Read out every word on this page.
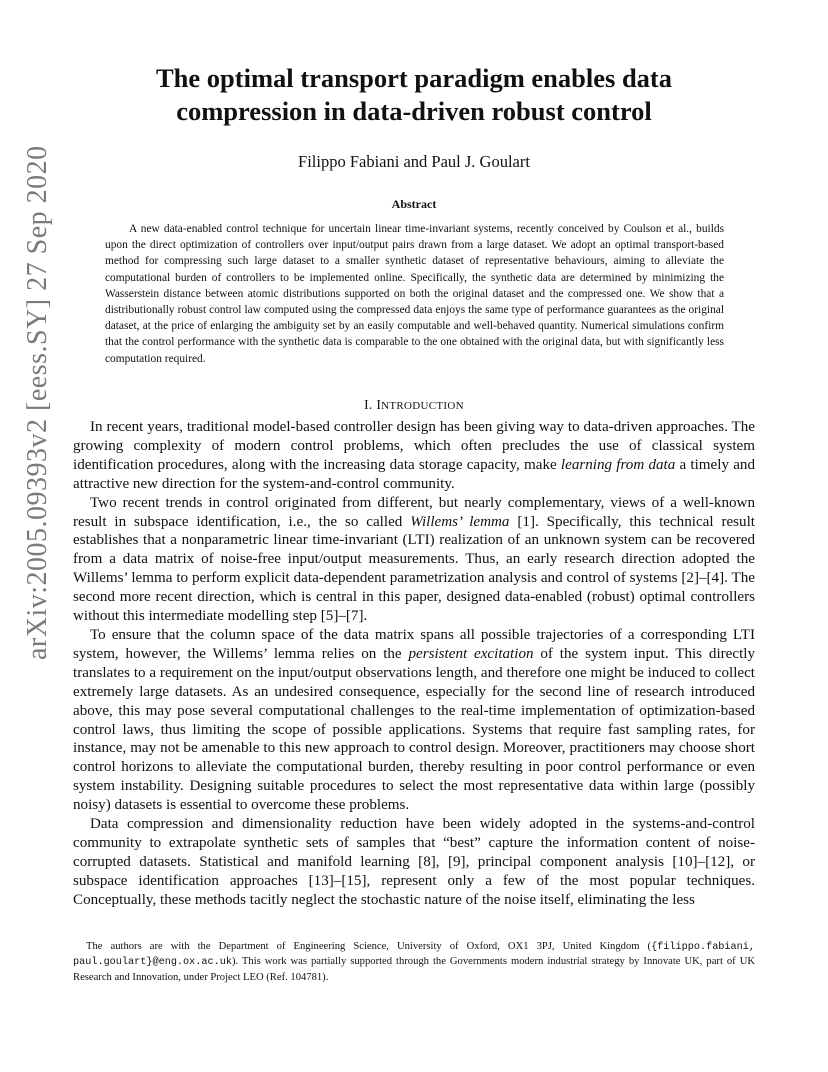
arXiv:2005.09393v2 [eess.SY] 27 Sep 2020
The optimal transport paradigm enables data compression in data-driven robust control
Filippo Fabiani and Paul J. Goulart
Abstract

A new data-enabled control technique for uncertain linear time-invariant systems, recently conceived by Coulson et al., builds upon the direct optimization of controllers over input/output pairs drawn from a large dataset. We adopt an optimal transport-based method for compressing such large dataset to a smaller synthetic dataset of representative behaviours, aiming to alleviate the computational burden of controllers to be implemented online. Specifically, the synthetic data are determined by minimizing the Wasserstein distance between atomic distributions supported on both the original dataset and the compressed one. We show that a distributionally robust control law computed using the compressed data enjoys the same type of performance guarantees as the original dataset, at the price of enlarging the ambiguity set by an easily computable and well-behaved quantity. Numerical simulations confirm that the control performance with the synthetic data is comparable to the one obtained with the original data, but with significantly less computation required.

I. INTRODUCTION

In recent years, traditional model-based controller design has been giving way to data-driven approaches. The growing complexity of modern control problems, which often precludes the use of classical system identification procedures, along with the increasing data storage capacity, make learning from data a timely and attractive new direction for the system-and-control community.

Two recent trends in control originated from different, but nearly complementary, views of a well-known result in subspace identification, i.e., the so called Willems’ lemma [1]. Specifically, this technical result establishes that a nonparametric linear time-invariant (LTI) realization of an unknown system can be recovered from a data matrix of noise-free input/output measurements. Thus, an early research direction adopted the Willems’ lemma to perform explicit data-dependent parametrization analysis and control of systems [2]–[4]. The second more recent direction, which is central in this paper, designed data-enabled (robust) optimal controllers without this intermediate modelling step [5]–[7].

To ensure that the column space of the data matrix spans all possible trajectories of a corresponding LTI system, however, the Willems’ lemma relies on the persistent excitation of the system input. This directly translates to a requirement on the input/output observations length, and therefore one might be induced to collect extremely large datasets. As an undesired consequence, especially for the second line of research introduced above, this may pose several computational challenges to the real-time implementation of optimization-based control laws, thus limiting the scope of possible applications. Systems that require fast sampling rates, for instance, may not be amenable to this new approach to control design. Moreover, practitioners may choose short control horizons to alleviate the computational burden, thereby resulting in poor control performance or even system instability. Designing suitable procedures to select the most representative data within large (possibly noisy) datasets is essential to overcome these problems.

Data compression and dimensionality reduction have been widely adopted in the systems-and-control community to extrapolate synthetic sets of samples that “best” capture the information content of noise-corrupted datasets. Statistical and manifold learning [8], [9], principal component analysis [10]–[12], or subspace identification approaches [13]–[15], represent only a few of the most popular techniques. Conceptually, these methods tacitly neglect the stochastic nature of the noise itself, eliminating the less

The authors are with the Department of Engineering Science, University of Oxford, OX1 3PJ, United Kingdom ({filippo.fabiani, paul.goulart}@eng.ox.ac.uk). This work was partially supported through the Governments modern industrial strategy by Innovate UK, part of UK Research and Innovation, under Project LEO (Ref. 104781).
